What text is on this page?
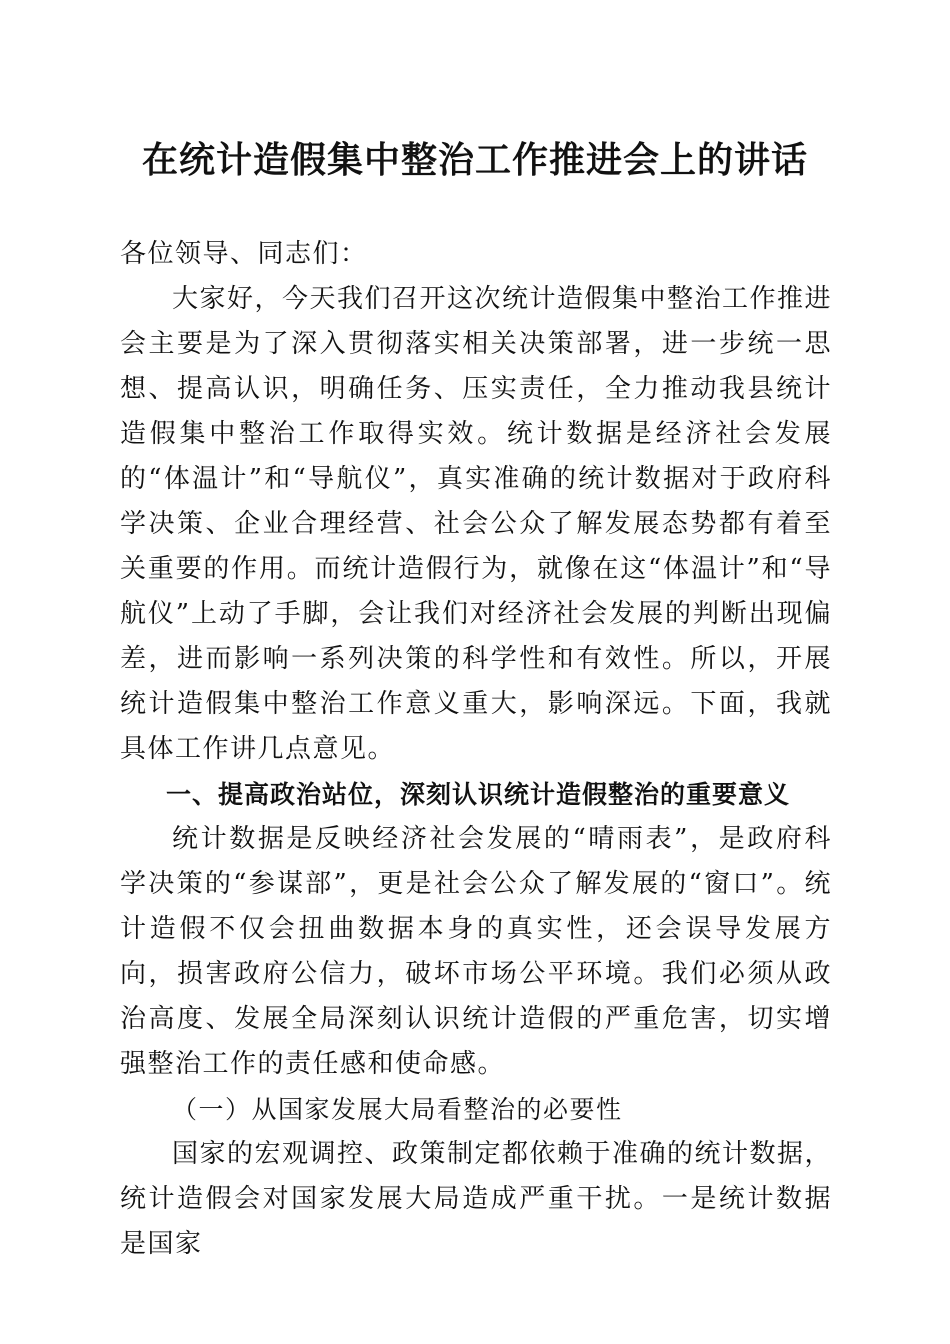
在统计造假集中整治工作推进会上的讲话

各位领导、同志们：

大家好，今天我们召开这次统计造假集中整治工作推进会主要是为了深入贯彻落实相关决策部署，进一步统一思想、提高认识，明确任务、压实责任，全力推动我县统计造假集中整治工作取得实效。统计数据是经济社会发展的“体温计”和“导航仪”，真实准确的统计数据对于政府科学决策、企业合理经营、社会公众了解发展态势都有着至关重要的作用。而统计造假行为，就像在这“体温计”和“导航仪”上动了手脚，会让我们对经济社会发展的判断出现偏差，进而影响一系列决策的科学性和有效性。所以，开展统计造假集中整治工作意义重大，影响深远。下面，我就具体工作讲几点意见。

一、提高政治站位，深刻认识统计造假整治的重要意义

统计数据是反映经济社会发展的“晴雨表”，是政府科学决策的“参谋部”，更是社会公众了解发展的“窗口”。统计造假不仅会扭曲数据本身的真实性，还会误导发展方向，损害政府公信力，破坏市场公平环境。我们必须从政治高度、发展全局深刻认识统计造假的严重危害，切实增强整治工作的责任感和使命感。

（一）从国家发展大局看整治的必要性

国家的宏观调控、政策制定都依赖于准确的统计数据，统计造假会对国家发展大局造成严重干扰。一是统计数据是国家
